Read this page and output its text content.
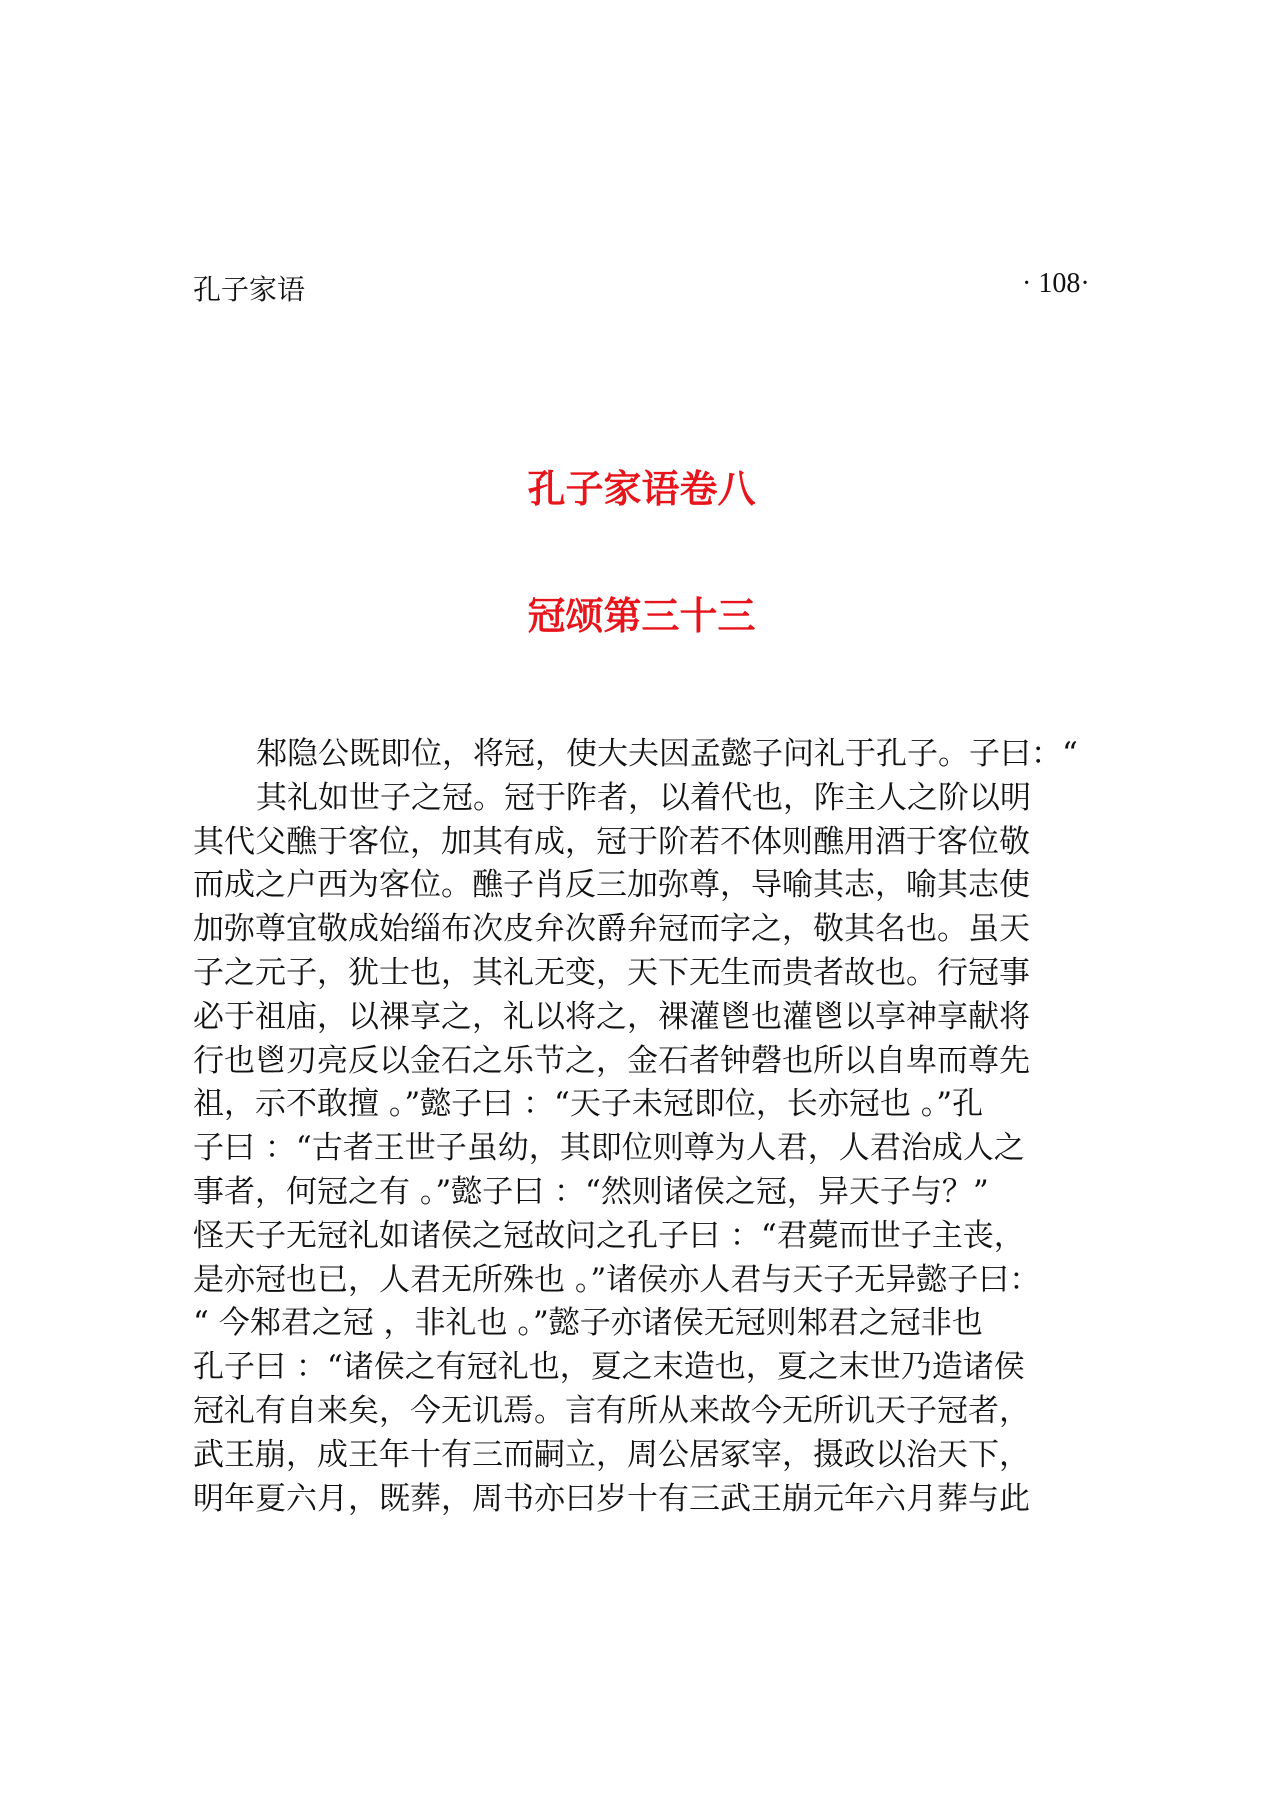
孔子家语	· 108·
孔子家语卷八
冠颂第三十三
邾隐公既即位，将冠，使大夫因孟懿子问礼于孔子。子曰：“
其礼如世子之冠。冠于阼者，以着代也，阼主人之阶以明
其代父醮于客位，加其有成，冠于阶若不体则醮用酒于客位敬
而成之户西为客位。醮子肖反三加弥尊，导喻其志，喻其志使
加弥尊宜敬成始缁布次皮弁次爵弁冠而字之，敬其名也。虽天
子之元子，犹士也，其礼无变，天下无生而贵者故也。行冠事
必于祖庙，以祼享之，礼以将之，祼灌鬯也灌鬯以享神享献将
行也鬯刃亮反以金石之乐节之，金石者钟磬也所以自卑而尊先
祖，示不敢擅 。”懿子曰 ：“天子未冠即位，长亦冠也 。”孔
子曰 ：“古者王世子虽幼，其即位则尊为人君，人君治成人之
事者，何冠之有 。”懿子曰 ：“然则诸侯之冠，异天子与？”
怪天子无冠礼如诸侯之冠故问之孔子曰 ：“君薨而世子主丧，
是亦冠也已，人君无所殊也 。”诸侯亦人君与天子无异懿子曰：
“ 今邾君之冠 ，非礼也 。”懿子亦诸侯无冠则邾君之冠非也
孔子曰 ：“诸侯之有冠礼也，夏之末造也，夏之末世乃造诸侯
冠礼有自来矣，今无讥焉。言有所从来故今无所讥天子冠者，
武王崩，成王年十有三而嗣立，周公居冢宰，摄政以治天下，
明年夏六月，既葬，周书亦曰岁十有三武王崩元年六月葬与此
